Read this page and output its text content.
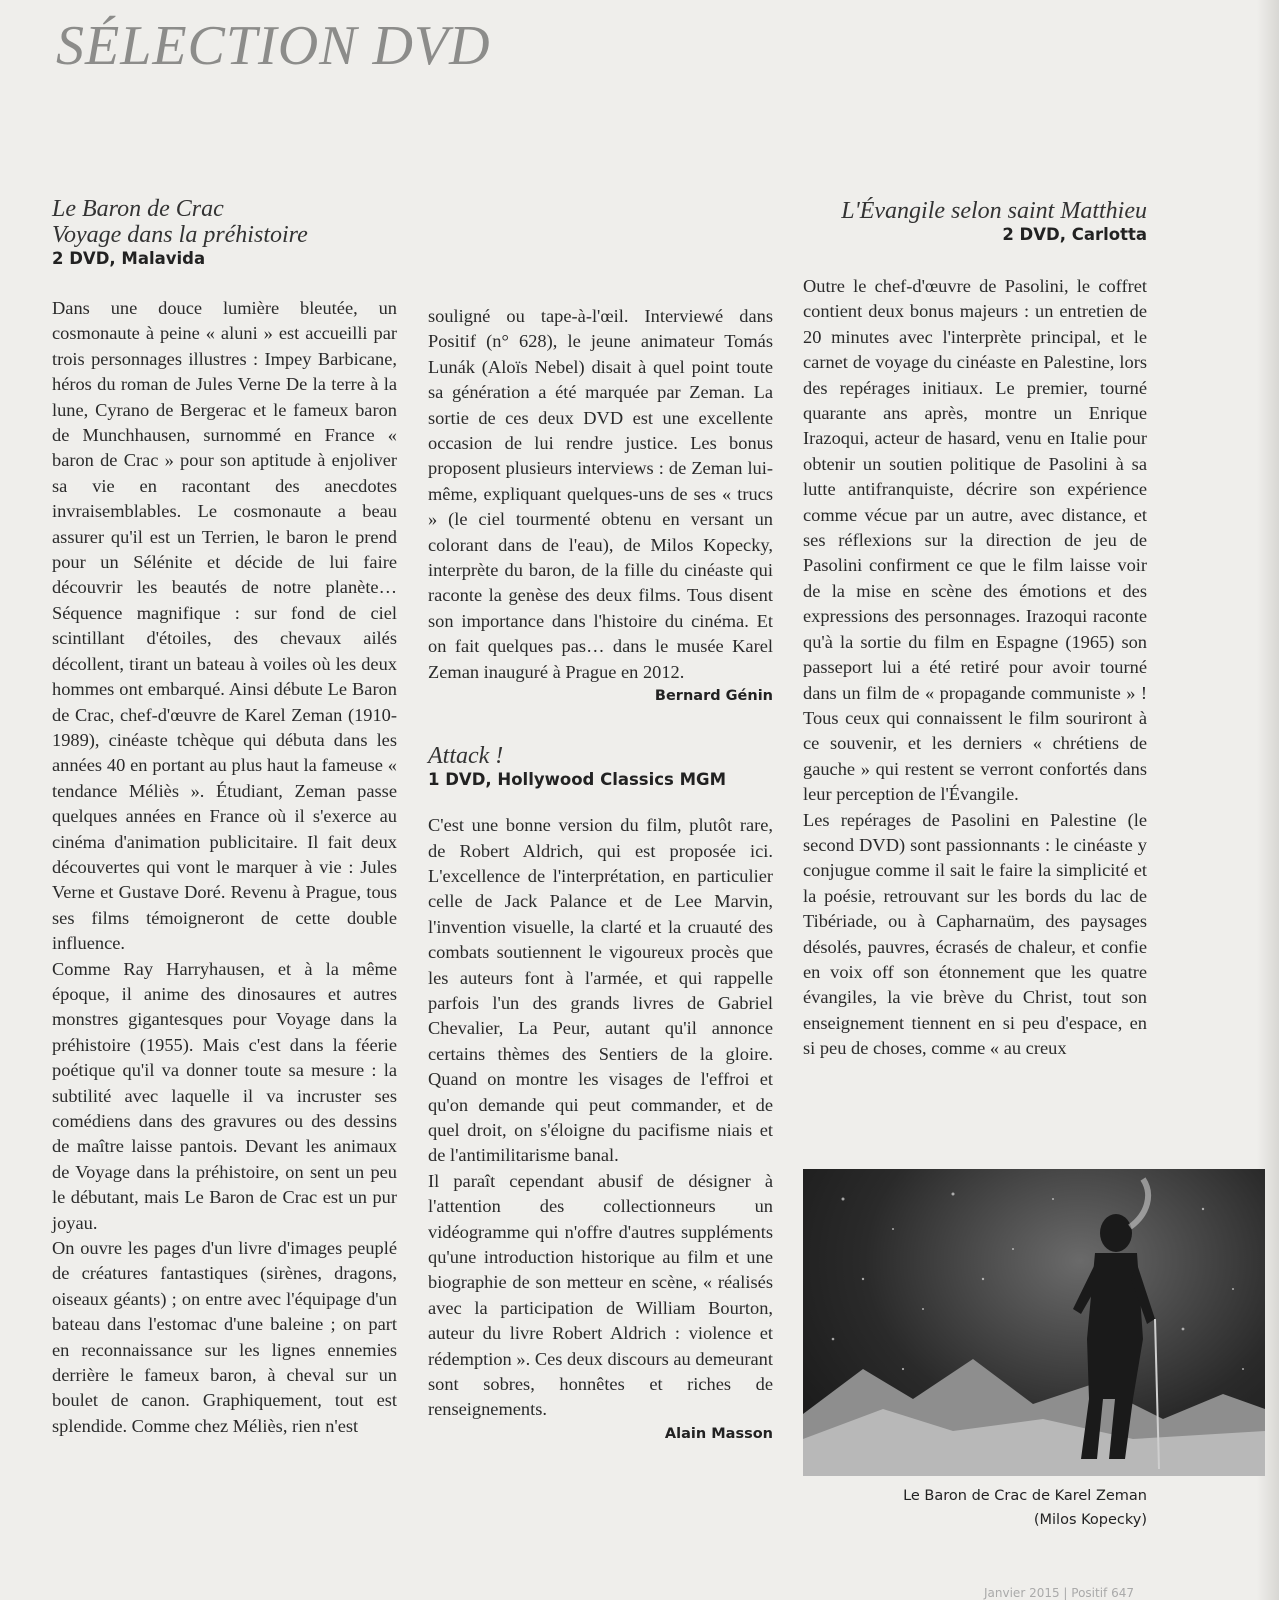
SÉLECTION DVD
Le Baron de Crac
Voyage dans la préhistoire
2 DVD, Malavida

Dans une douce lumière bleutée, un cosmonaute à peine « aluni » est accueilli par trois personnages illustres : Impey Barbicane, héros du roman de Jules Verne De la terre à la lune, Cyrano de Bergerac et le fameux baron de Munchhausen, surnommé en France « baron de Crac » pour son aptitude à enjoliver sa vie en racontant des anecdotes invraisemblables. Le cosmonaute a beau assurer qu'il est un Terrien, le baron le prend pour un Sélénite et décide de lui faire découvrir les beautés de notre planète… Séquence magnifique : sur fond de ciel scintillant d'étoiles, des chevaux ailés décollent, tirant un bateau à voiles où les deux hommes ont embarqué. Ainsi débute Le Baron de Crac, chef-d'œuvre de Karel Zeman (1910-1989), cinéaste tchèque qui débuta dans les années 40 en portant au plus haut la fameuse « tendance Méliès ». Étudiant, Zeman passe quelques années en France où il s'exerce au cinéma d'animation publicitaire. Il fait deux découvertes qui vont le marquer à vie : Jules Verne et Gustave Doré. Revenu à Prague, tous ses films témoigneront de cette double influence.

Comme Ray Harryhausen, et à la même époque, il anime des dinosaures et autres monstres gigantesques pour Voyage dans la préhistoire (1955). Mais c'est dans la féerie poétique qu'il va donner toute sa mesure : la subtilité avec laquelle il va incruster ses comédiens dans des gravures ou des dessins de maître laisse pantois. Devant les animaux de Voyage dans la préhistoire, on sent un peu le débutant, mais Le Baron de Crac est un pur joyau.

On ouvre les pages d'un livre d'images peuplé de créatures fantastiques (sirènes, dragons, oiseaux géants) ; on entre avec l'équipage d'un bateau dans l'estomac d'une baleine ; on part en reconnaissance sur les lignes ennemies derrière le fameux baron, à cheval sur un boulet de canon. Graphiquement, tout est splendide. Comme chez Méliès, rien n'est

souligné ou tape-à-l'œil. Interviewé dans Positif (n° 628), le jeune animateur Tomás Lunák (Aloïs Nebel) disait à quel point toute sa génération a été marquée par Zeman. La sortie de ces deux DVD est une excellente occasion de lui rendre justice. Les bonus proposent plusieurs interviews : de Zeman lui-même, expliquant quelques-uns de ses « trucs » (le ciel tourmenté obtenu en versant un colorant dans de l'eau), de Milos Kopecky, interprète du baron, de la fille du cinéaste qui raconte la genèse des deux films. Tous disent son importance dans l'histoire du cinéma. Et on fait quelques pas… dans le musée Karel Zeman inauguré à Prague en 2012.

Bernard Génin
Attack !
1 DVD, Hollywood Classics MGM

C'est une bonne version du film, plutôt rare, de Robert Aldrich, qui est proposée ici. L'excellence de l'interprétation, en particulier celle de Jack Palance et de Lee Marvin, l'invention visuelle, la clarté et la cruauté des combats soutiennent le vigoureux procès que les auteurs font à l'armée, et qui rappelle parfois l'un des grands livres de Gabriel Chevalier, La Peur, autant qu'il annonce certains thèmes des Sentiers de la gloire. Quand on montre les visages de l'effroi et qu'on demande qui peut commander, et de quel droit, on s'éloigne du pacifisme niais et de l'antimilitarisme banal.

Il paraît cependant abusif de désigner à l'attention des collectionneurs un vidéogramme qui n'offre d'autres suppléments qu'une introduction historique au film et une biographie de son metteur en scène, « réalisés avec la participation de William Bourton, auteur du livre Robert Aldrich : violence et rédemption ». Ces deux discours au demeurant sont sobres, honnêtes et riches de renseignements.

Alain Masson
L'Évangile selon saint Matthieu
2 DVD, Carlotta

Outre le chef-d'œuvre de Pasolini, le coffret contient deux bonus majeurs : un entretien de 20 minutes avec l'interprète principal, et le carnet de voyage du cinéaste en Palestine, lors des repérages initiaux. Le premier, tourné quarante ans après, montre un Enrique Irazoqui, acteur de hasard, venu en Italie pour obtenir un soutien politique de Pasolini à sa lutte antifranquiste, décrire son expérience comme vécue par un autre, avec distance, et ses réflexions sur la direction de jeu de Pasolini confirment ce que le film laisse voir de la mise en scène des émotions et des expressions des personnages. Irazoqui raconte qu'à la sortie du film en Espagne (1965) son passeport lui a été retiré pour avoir tourné dans un film de « propagande communiste » ! Tous ceux qui connaissent le film souriront à ce souvenir, et les derniers « chrétiens de gauche » qui restent se verront confortés dans leur perception de l'Évangile.

Les repérages de Pasolini en Palestine (le second DVD) sont passionnants : le cinéaste y conjugue comme il sait le faire la simplicité et la poésie, retrouvant sur les bords du lac de Tibériade, ou à Capharnaüm, des paysages désolés, pauvres, écrasés de chaleur, et confie en voix off son étonnement que les quatre évangiles, la vie brève du Christ, tout son enseignement tiennent en si peu d'espace, en si peu de choses, comme « au creux

Le Baron de Crac de Karel Zeman
(Milos Kopecky)
Janvier 2015 | Positif 647
